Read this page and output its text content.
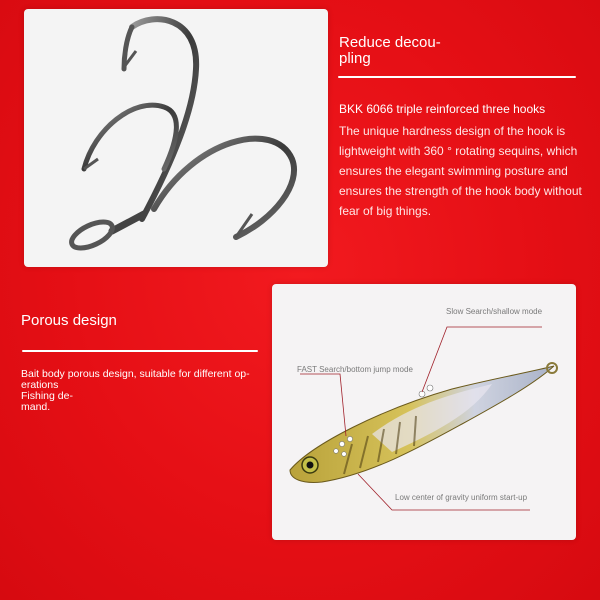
Reduce decou-
pling
BKK 6066 triple reinforced three hooks
The unique hardness design of the hook is lightweight with 360 ° rotating sequins, which ensures the elegant swimming posture and ensures the strength of the hook body without fear of big things.
Porous design
Bait body porous design, suitable for different op-
erations
Fishing de-
mand.
Slow Search/shallow mode
FAST Search/bottom jump mode
Low center of gravity uniform start-up
